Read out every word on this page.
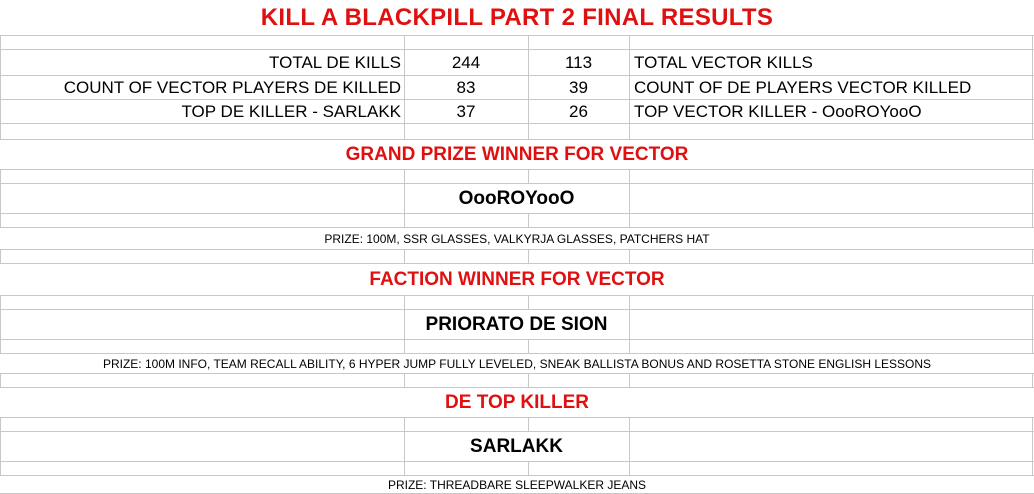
KILL A BLACKPILL PART 2 FINAL RESULTS
TOTAL DE KILLS	244	113	TOTAL VECTOR KILLS
COUNT OF VECTOR PLAYERS DE KILLED	83	39	COUNT OF DE PLAYERS VECTOR KILLED
TOP DE KILLER - SARLAKK	37	26	TOP VECTOR KILLER - OooROYooO
GRAND PRIZE WINNER FOR VECTOR
OooROYooO
PRIZE: 100M, SSR GLASSES, VALKYRJA GLASSES, PATCHERS HAT
FACTION WINNER FOR VECTOR
PRIORATO DE SION
PRIZE: 100M INFO, TEAM RECALL ABILITY, 6 HYPER JUMP FULLY LEVELED, SNEAK BALLISTA BONUS AND ROSETTA STONE ENGLISH LESSONS
DE TOP KILLER
SARLAKK
PRIZE: THREADBARE SLEEPWALKER JEANS
